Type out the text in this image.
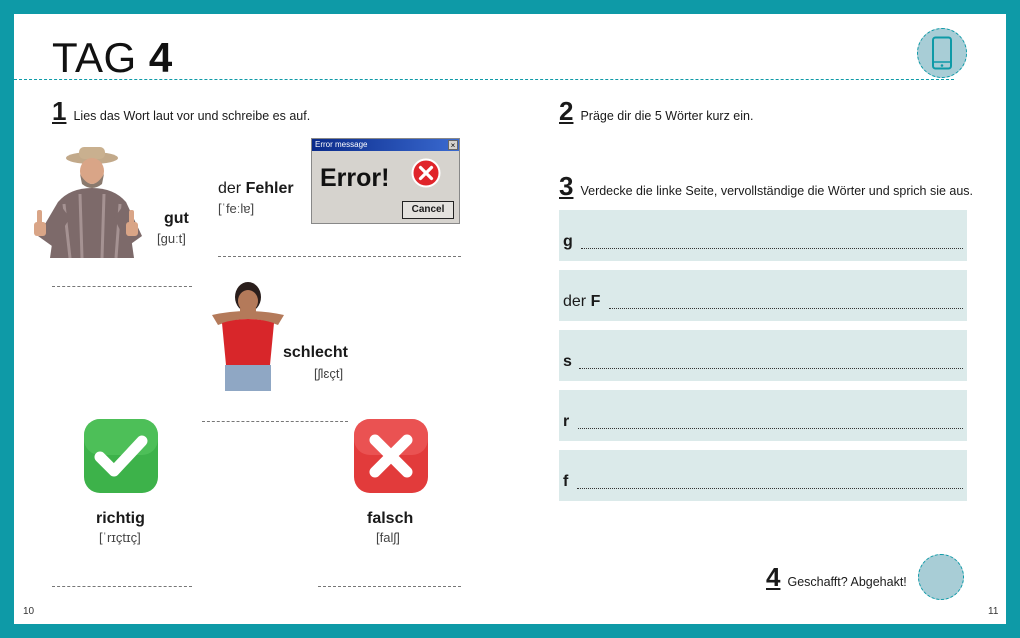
TAG 4
1 Lies das Wort laut vor und schreibe es auf.
gut
[ɡuːt]
der Fehler
[ˈfeːlɐ]
Error message	×
Error!
Cancel
schlecht
[ʃlɛçt]
richtig
[ˈrɪçtɪç]
falsch
[falʃ]
10
2 Präge dir die 5 Wörter kurz ein.
3 Verdecke die linke Seite, vervollständige die Wörter und sprich sie aus.
g
der F
s
r
f
4 Geschafft? Abgehakt!
11
